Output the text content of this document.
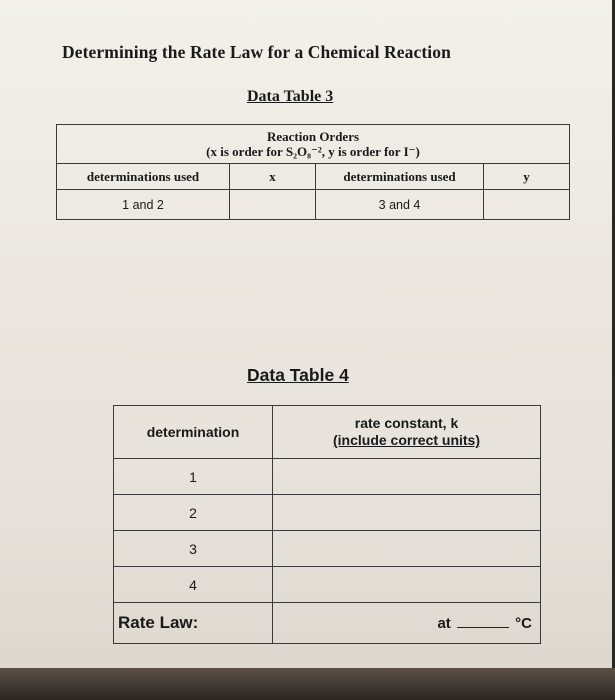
Determining the Rate Law for a Chemical Reaction
Data Table 3
Reaction Orders
(x is order for S₂O₈⁻², y is order for I⁻)			

determinations used	x	determinations used	y
1 and 2		3 and 4	
Data Table 4
determination	rate constant, k
(include correct units)

1	
2	
3	
4	
Rate Law:	at °C
